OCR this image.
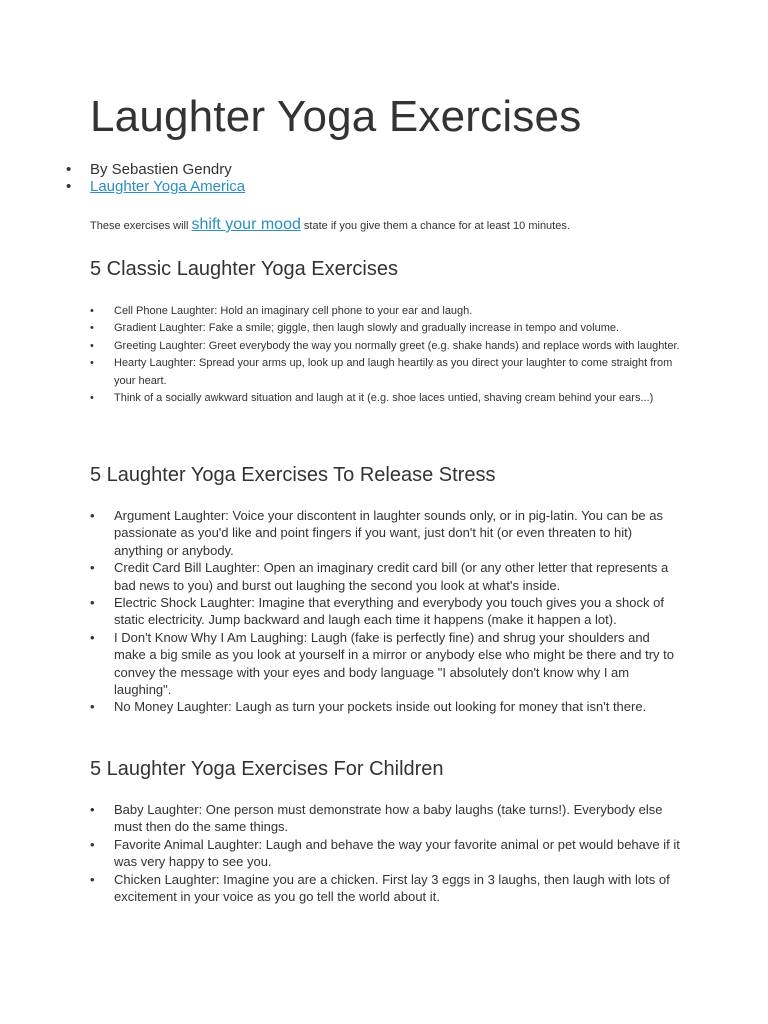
Laughter Yoga Exercises
• By Sebastien Gendry
• Laughter Yoga America

These exercises will shift your mood state if you give them a chance for at least 10 minutes.

5 Classic Laughter Yoga Exercises
• Cell Phone Laughter: Hold an imaginary cell phone to your ear and laugh.
• Gradient Laughter: Fake a smile; giggle, then laugh slowly and gradually increase in tempo and volume.
• Greeting Laughter: Greet everybody the way you normally greet (e.g. shake hands) and replace words with laughter.
• Hearty Laughter: Spread your arms up, look up and laugh heartily as you direct your laughter to come straight from your heart.
• Think of a socially awkward situation and laugh at it (e.g. shoe laces untied, shaving cream behind your ears...)
5 Laughter Yoga Exercises To Release Stress
• Argument Laughter: Voice your discontent in laughter sounds only, or in pig-latin. You can be as passionate as you'd like and point fingers if you want, just don't hit (or even threaten to hit) anything or anybody.
• Credit Card Bill Laughter: Open an imaginary credit card bill (or any other letter that represents a bad news to you) and burst out laughing the second you look at what's inside.
• Electric Shock Laughter: Imagine that everything and everybody you touch gives you a shock of static electricity. Jump backward and laugh each time it happens (make it happen a lot).
• I Don't Know Why I Am Laughing: Laugh (fake is perfectly fine) and shrug your shoulders and make a big smile as you look at yourself in a mirror or anybody else who might be there and try to convey the message with your eyes and body language "I absolutely don't know why I am laughing".
• No Money Laughter: Laugh as turn your pockets inside out looking for money that isn't there.
5 Laughter Yoga Exercises For Children
• Baby Laughter: One person must demonstrate how a baby laughs (take turns!). Everybody else must then do the same things.
• Favorite Animal Laughter: Laugh and behave the way your favorite animal or pet would behave if it was very happy to see you.
• Chicken Laughter: Imagine you are a chicken. First lay 3 eggs in 3 laughs, then laugh with lots of excitement in your voice as you go tell the world about it.
